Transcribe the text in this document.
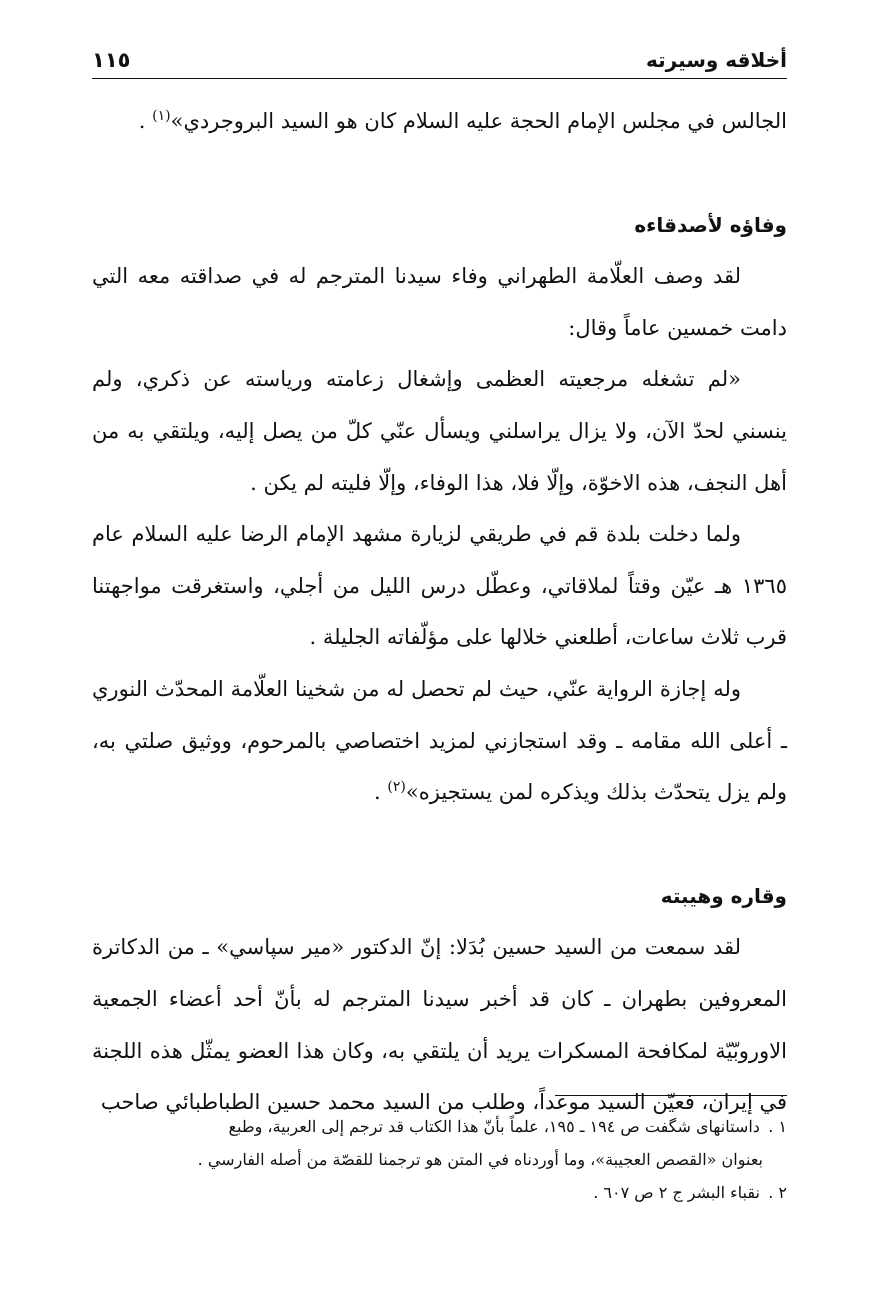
أخلاقه وسيرته
١١٥

الجالس في مجلس الإمام الحجة عليه السلام كان هو السيد البروجردي»$^{(١)}$ .

وفاؤه لأصدقاءه

لقد وصف العلّامة الطهراني وفاء سيدنا المترجم له في صداقته معه التي دامت خمسين عاماً وقال:

«لم تشغله مرجعيته العظمى وإشغال زعامته ورياسته عن ذكري، ولم ينسني لحدّ الآن، ولا يزال يراسلني ويسأل عنّي كلّ من يصل إليه، ويلتقي به من أهل النجف، هذه الاخوّة، وإلّا فلا، هذا الوفاء، وإلّا فليته لم يكن .

ولما دخلت بلدة قم في طريقي لزيارة مشهد الإمام الرضا عليه السلام عام ١٣٦٥ هـ عيّن وقتاً لملاقاتي، وعطّل درس الليل من أجلي، واستغرقت مواجهتنا قرب ثلاث ساعات، أطلعني خلالها على مؤلّفاته الجليلة .

وله إجازة الرواية عنّي، حيث لم تحصل له من شخينا العلّامة المحدّث النوري ـ أعلى الله مقامه ـ وقد استجازني لمزيد اختصاصي بالمرحوم، ووثيق صلتي به، ولم يزل يتحدّث بذلك ويذكره لمن يستجيزه»$^{(٢)}$ .

وقاره وهيبته

لقد سمعت من السيد حسين بُدَلا: إنّ الدكتور «مير سپاسي» ـ من الدكاترة المعروفين بطهران ـ كان قد أخبر سيدنا المترجم له بأنّ أحد أعضاء الجمعية الاوروبّيّة لمكافحة المسكرات يريد أن يلتقي به، وكان هذا العضو يمثّل هذه اللجنة في إيران، فعيّن السيد موعداً، وطلب من السيد محمد حسين الطباطبائي صاحب

١ . داستانهاى شگفت ص ١٩٤ ـ ١٩٥، علماً بأنّ هذا الكتاب قد ترجم إلى العربية، وطبع

بعنوان «القصص العجيبة»، وما أوردناه في المتن هو ترجمنا للقصّة من أصله الفارسي .

٢ . نقباء البشر ج ٢ ص ٦٠٧ .
